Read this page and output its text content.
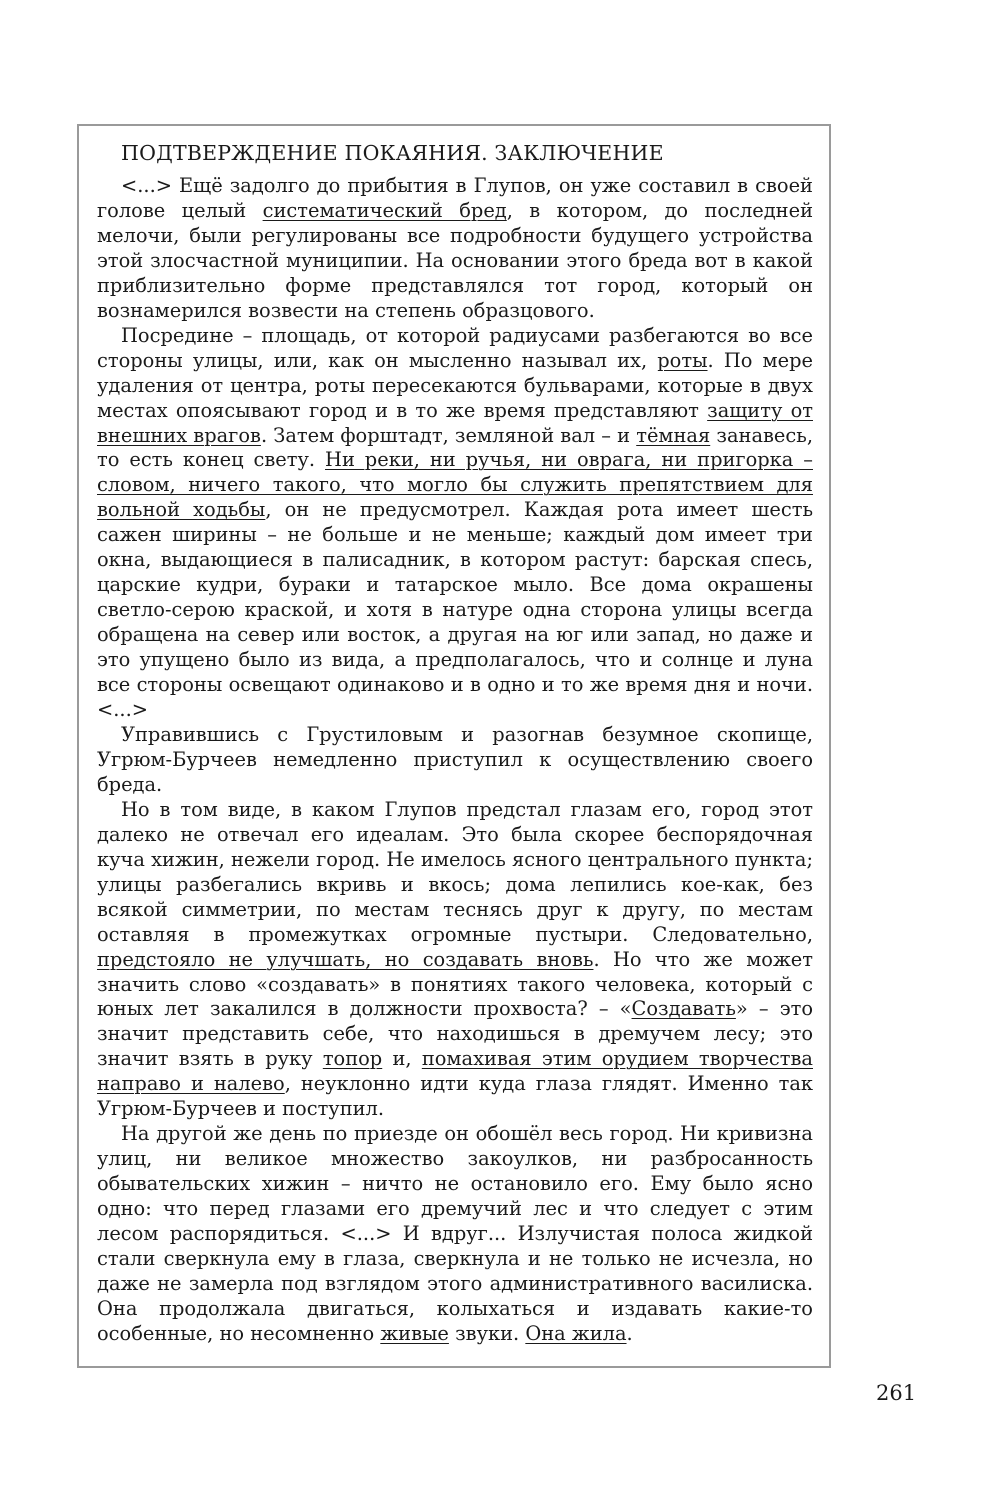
ПОДТВЕРЖДЕНИЕ ПОКАЯНИЯ. ЗАКЛЮЧЕНИЕ

<...> Ещё задолго до прибытия в Глупов, он уже составил в своей голове целый систематический бред, в котором, до последней мелочи, были регулированы все подробности будущего устройства этой злосчастной муниципии. На основании этого бреда вот в какой приблизительно форме представлялся тот город, который он вознамерился возвести на степень образцового.

Посредине – площадь, от которой радиусами разбегаются во все стороны улицы, или, как он мысленно называл их, роты. По мере удаления от центра, роты пересекаются бульварами, которые в двух местах опоясывают город и в то же время представляют защиту от внешних врагов. Затем форштадт, земляной вал – и тёмная занавесь, то есть конец свету. Ни реки, ни ручья, ни оврага, ни пригорка – словом, ничего такого, что могло бы служить препятствием для вольной ходьбы, он не предусмотрел. Каждая рота имеет шесть сажен ширины – не больше и не меньше; каждый дом имеет три окна, выдающиеся в палисадник, в котором растут: барская спесь, царские кудри, бураки и татарское мыло. Все дома окрашены светло-серою краской, и хотя в натуре одна сторона улицы всегда обращена на север или восток, а другая на юг или запад, но даже и это упущено было из вида, а предполагалось, что и солнце и луна все стороны освещают одинаково и в одно и то же время дня и ночи. <...>

Управившись с Грустиловым и разогнав безумное скопище, Угрюм-Бурчеев немедленно приступил к осуществлению своего бреда.

Но в том виде, в каком Глупов предстал глазам его, город этот далеко не отвечал его идеалам. Это была скорее беспорядочная куча хижин, нежели город. Не имелось ясного центрального пункта; улицы разбегались вкривь и вкось; дома лепились кое-как, без всякой симметрии, по местам теснясь друг к другу, по местам оставляя в промежутках огромные пустыри. Следовательно, предстояло не улучшать, но создавать вновь. Но что же может значить слово «создавать» в понятиях такого человека, который с юных лет закалился в должности прохвоста? – «Создавать» – это значит представить себе, что находишься в дремучем лесу; это значит взять в руку топор и, помахивая этим орудием творчества направо и налево, неуклонно идти куда глаза глядят. Именно так Угрюм-Бурчеев и поступил.

На другой же день по приезде он обошёл весь город. Ни кривизна улиц, ни великое множество закоулков, ни разбросанность обывательских хижин – ничто не остановило его. Ему было ясно одно: что перед глазами его дремучий лес и что следует с этим лесом распорядиться. <...> И вдруг... Излучистая полоса жидкой стали сверкнула ему в глаза, сверкнула и не только не исчезла, но даже не замерла под взглядом этого административного василиска. Она продолжала двигаться, колыхаться и издавать какие-то особенные, но несомненно живые звуки. Она жила.

261
